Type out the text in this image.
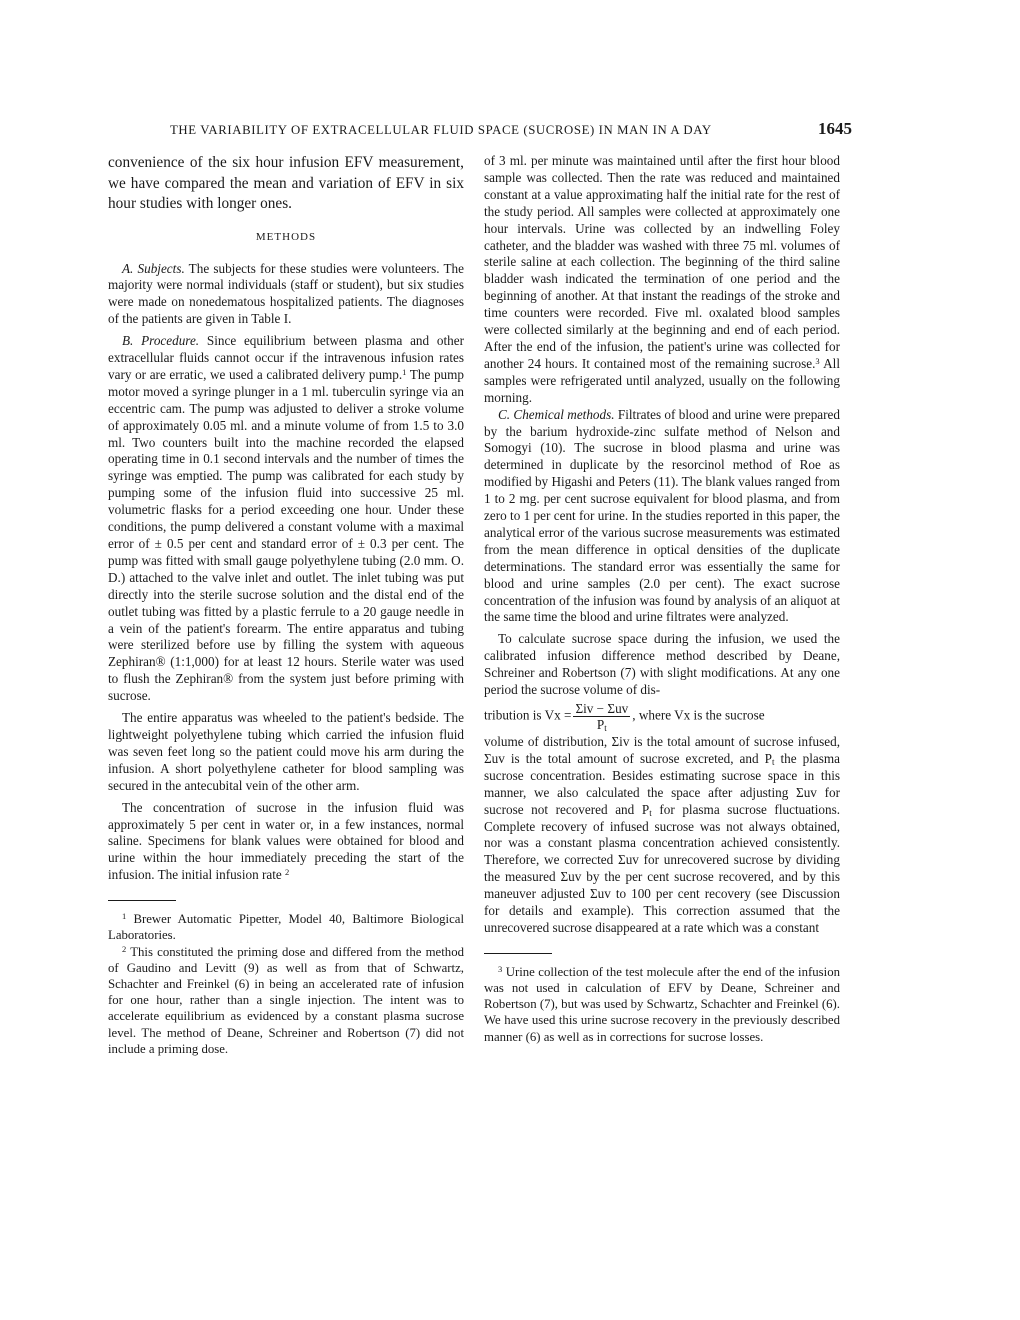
THE VARIABILITY OF EXTRACELLULAR FLUID SPACE (SUCROSE) IN MAN IN A DAY	1645

convenience of the six hour infusion EFV measurement, we have compared the mean and variation of EFV in six hour studies with longer ones.

METHODS

A. Subjects. The subjects for these studies were volunteers. The majority were normal individuals (staff or student), but six studies were made on nonedematous hospitalized patients. The diagnoses of the patients are given in Table I.

B. Procedure. Since equilibrium between plasma and other extracellular fluids cannot occur if the intravenous infusion rates vary or are erratic, we used a calibrated delivery pump.$^1$ The pump motor moved a syringe plunger in a 1 ml. tuberculin syringe via an eccentric cam. The pump was adjusted to deliver a stroke volume of approximately 0.05 ml. and a minute volume of from 1.5 to 3.0 ml. Two counters built into the machine recorded the elapsed operating time in 0.1 second intervals and the number of times the syringe was emptied. The pump was calibrated for each study by pumping some of the infusion fluid into successive 25 ml. volumetric flasks for a period exceeding one hour. Under these conditions, the pump delivered a constant volume with a maximal error of ± 0.5 per cent and standard error of ± 0.3 per cent. The pump was fitted with small gauge polyethylene tubing (2.0 mm. O. D.) attached to the valve inlet and outlet. The inlet tubing was put directly into the sterile sucrose solution and the distal end of the outlet tubing was fitted by a plastic ferrule to a 20 gauge needle in a vein of the patient's forearm. The entire apparatus and tubing were sterilized before use by filling the system with aqueous Zephiran® (1:1,000) for at least 12 hours. Sterile water was used to flush the Zephiran® from the system just before priming with sucrose.

The entire apparatus was wheeled to the patient's bedside. The lightweight polyethylene tubing which carried the infusion fluid was seven feet long so the patient could move his arm during the infusion. A short polyethylene catheter for blood sampling was secured in the antecubital vein of the other arm.

The concentration of sucrose in the infusion fluid was approximately 5 per cent in water or, in a few instances, normal saline. Specimens for blank values were obtained for blood and urine within the hour immediately preceding the start of the infusion. The initial infusion rate $^2$

$^1$ Brewer Automatic Pipetter, Model 40, Baltimore Biological Laboratories.

$^2$ This constituted the priming dose and differed from the method of Gaudino and Levitt (9) as well as from that of Schwartz, Schachter and Freinkel (6) in being an accelerated rate of infusion for one hour, rather than a single injection. The intent was to accelerate equilibrium as evidenced by a constant plasma sucrose level. The method of Deane, Schreiner and Robertson (7) did not include a priming dose.

of 3 ml. per minute was maintained until after the first hour blood sample was collected. Then the rate was reduced and maintained constant at a value approximating half the initial rate for the rest of the study period. All samples were collected at approximately one hour intervals. Urine was collected by an indwelling Foley catheter, and the bladder was washed with three 75 ml. volumes of sterile saline at each collection. The beginning of the third saline bladder wash indicated the termination of one period and the beginning of another. At that instant the readings of the stroke and time counters were recorded. Five ml. oxalated blood samples were collected similarly at the beginning and end of each period. After the end of the infusion, the patient's urine was collected for another 24 hours. It contained most of the remaining sucrose.$^3$ All samples were refrigerated until analyzed, usually on the following morning.

C. Chemical methods. Filtrates of blood and urine were prepared by the barium hydroxide-zinc sulfate method of Nelson and Somogyi (10). The sucrose in blood plasma and urine was determined in duplicate by the resorcinol method of Roe as modified by Higashi and Peters (11). The blank values ranged from 1 to 2 mg. per cent sucrose equivalent for blood plasma, and from zero to 1 per cent for urine. In the studies reported in this paper, the analytical error of the various sucrose measurements was estimated from the mean difference in optical densities of the duplicate determinations. The standard error was essentially the same for blood and urine samples (2.0 per cent). The exact sucrose concentration of the infusion was found by analysis of an aliquot at the same time the blood and urine filtrates were analyzed.

To calculate sucrose space during the infusion, we used the calibrated infusion difference method described by Deane, Schreiner and Robertson (7) with slight modifications. At any one period the sucrose volume of dis-

tribution is $Vx = \frac{\text{Σiv − Σuv}}{P_t}$ , where Vx is the sucrose

volume of distribution, Σiv is the total amount of sucrose infused, Σuv is the total amount of sucrose excreted, and $P_t$ the plasma sucrose concentration. Besides estimating sucrose space in this manner, we also calculated the space after adjusting Σuv for sucrose not recovered and $P_t$ for plasma sucrose fluctuations. Complete recovery of infused sucrose was not always obtained, nor was a constant plasma concentration achieved consistently. Therefore, we corrected Σuv for unrecovered sucrose by dividing the measured Σuv by the per cent sucrose recovered, and by this maneuver adjusted Σuv to 100 per cent recovery (see Discussion for details and example). This correction assumed that the unrecovered sucrose disappeared at a rate which was a constant

$^3$ Urine collection of the test molecule after the end of the infusion was not used in calculation of EFV by Deane, Schreiner and Robertson (7), but was used by Schwartz, Schachter and Freinkel (6). We have used this urine sucrose recovery in the previously described manner (6) as well as in corrections for sucrose losses.
